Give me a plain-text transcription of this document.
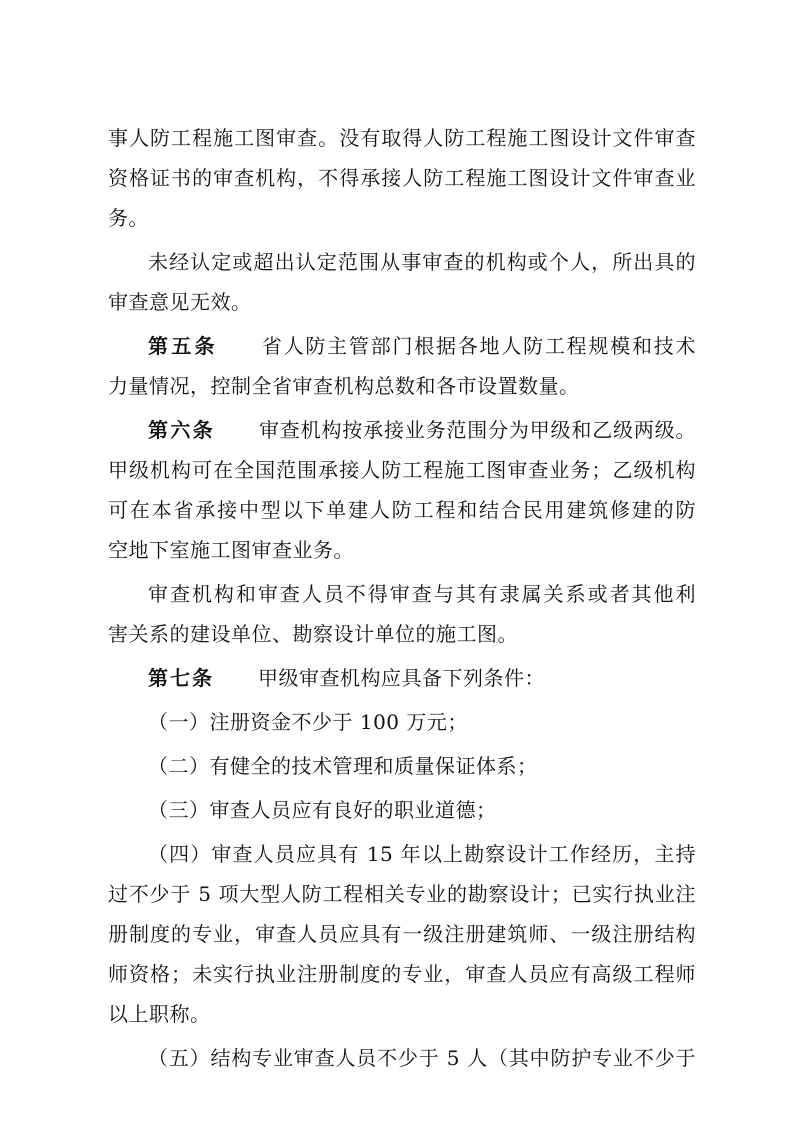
事人防工程施工图审查。没有取得人防工程施工图设计文件审查
资格证书的审查机构，不得承接人防工程施工图设计文件审查业
务。
未经认定或超出认定范围从事审查的机构或个人，所出具的
审查意见无效。
第五条 省人防主管部门根据各地人防工程规模和技术
力量情况，控制全省审查机构总数和各市设置数量。
第六条 审查机构按承接业务范围分为甲级和乙级两级。
甲级机构可在全国范围承接人防工程施工图审查业务；乙级机构
可在本省承接中型以下单建人防工程和结合民用建筑修建的防
空地下室施工图审查业务。
审查机构和审查人员不得审查与其有隶属关系或者其他利
害关系的建设单位、勘察设计单位的施工图。
第七条 甲级审查机构应具备下列条件：
（一）注册资金不少于 100 万元；
（二）有健全的技术管理和质量保证体系；
（三）审查人员应有良好的职业道德；
（四）审查人员应具有 15 年以上勘察设计工作经历，主持
过不少于 5 项大型人防工程相关专业的勘察设计；已实行执业注
册制度的专业，审查人员应具有一级注册建筑师、一级注册结构
师资格；未实行执业注册制度的专业，审查人员应有高级工程师
以上职称。
（五）结构专业审查人员不少于 5 人（其中防护专业不少于
